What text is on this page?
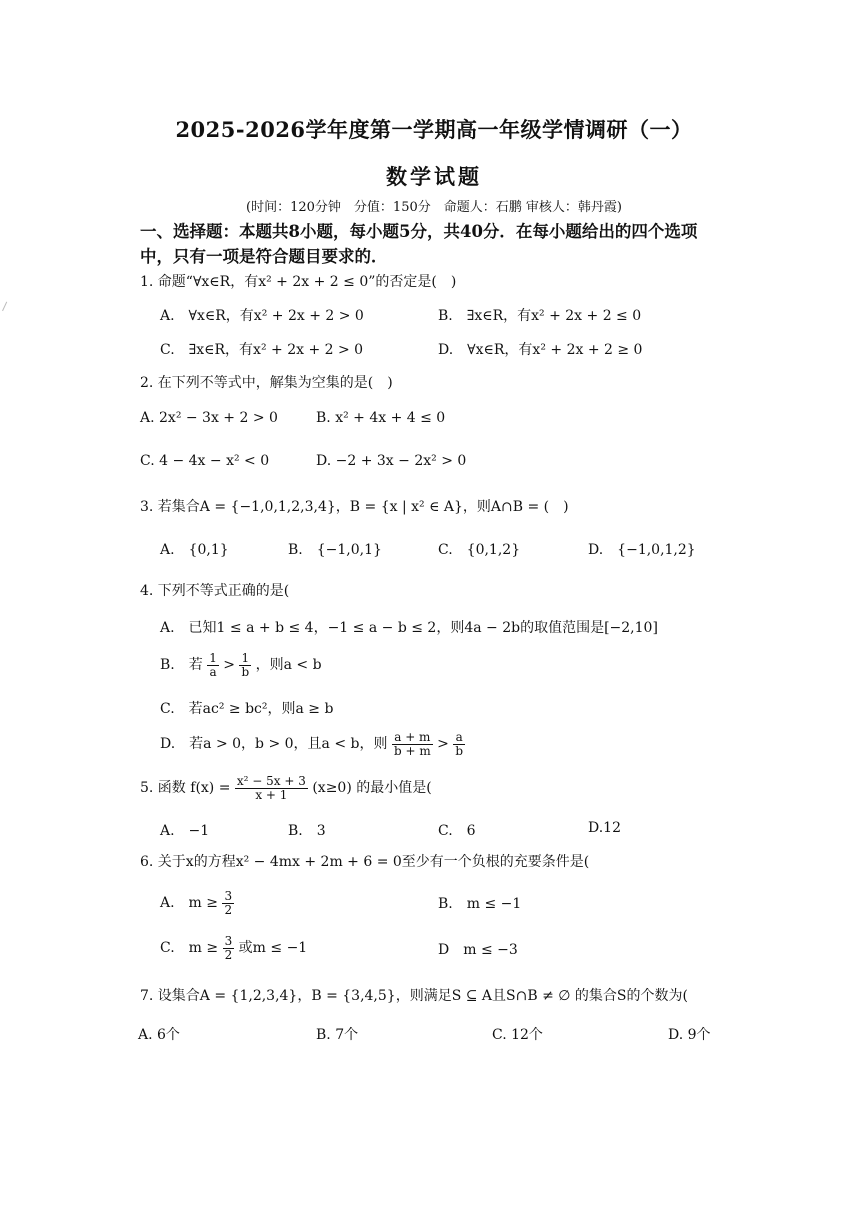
2025-2026学年度第一学期高一年级学情调研（一）
数学试题
(时间：120分钟　分值：150分　命题人：石鹏 审核人：韩丹霞)
一、选择题：本题共8小题，每小题5分，共40分．在每小题给出的四个选项
中，只有一项是符合题目要求的．
1. 命题“∀x∈R，有x² + 2x + 2 ≤ 0”的否定是(　)
A.　∀x∈R，有x² + 2x + 2 > 0	B.　∃x∈R，有x² + 2x + 2 ≤ 0
C.　∃x∈R，有x² + 2x + 2 > 0	D.　∀x∈R，有x² + 2x + 2 ≥ 0
2. 在下列不等式中，解集为空集的是(　)
A. 2x² − 3x + 2 > 0	B. x² + 4x + 4 ≤ 0
C. 4 − 4x − x² < 0	D. −2 + 3x − 2x² > 0
3. 若集合A = {−1,0,1,2,3,4}，B = {x | x² ∈ A}，则A∩B = (　)
A.　{0,1}	B.　{−1,0,1}	C.　{0,1,2}	D.　{−1,0,1,2}
4. 下列不等式正确的是(
A.　已知1 ≤ a + b ≤ 4，−1 ≤ a − b ≤ 2，则4a − 2b的取值范围是[−2,10]
B.　若 $\frac{1}{a} > \frac{1}{b}$ ，则a < b
C.　若ac² ≥ bc²，则a ≥ b
D.　若a > 0，b > 0，且a < b，则 $\frac{a + m}{b + m} > \frac{a}{b}$
5. 函数 $f(x) = \frac{\text{x² − 5x + 3}}{x + 1} (x\ge 0)$ 的最小值是(
A.　−1	B.　3	C.　6	D.12
6. 关于x的方程x² − 4mx + 2m + 6 = 0至少有一个负根的充要条件是(
A.　$m \ge \frac{3}{2}$	B.　m ≤ −1
C.　$m \ge \frac{3}{2}$ 或m ≤ −1	D　m ≤ −3
7. 设集合A = {1,2,3,4}，B = {3,4,5}，则满足S ⊆ A且S∩B ≠ ∅ 的集合S的个数为(
A. 6个	B. 7个	C. 12个	D. 9个
